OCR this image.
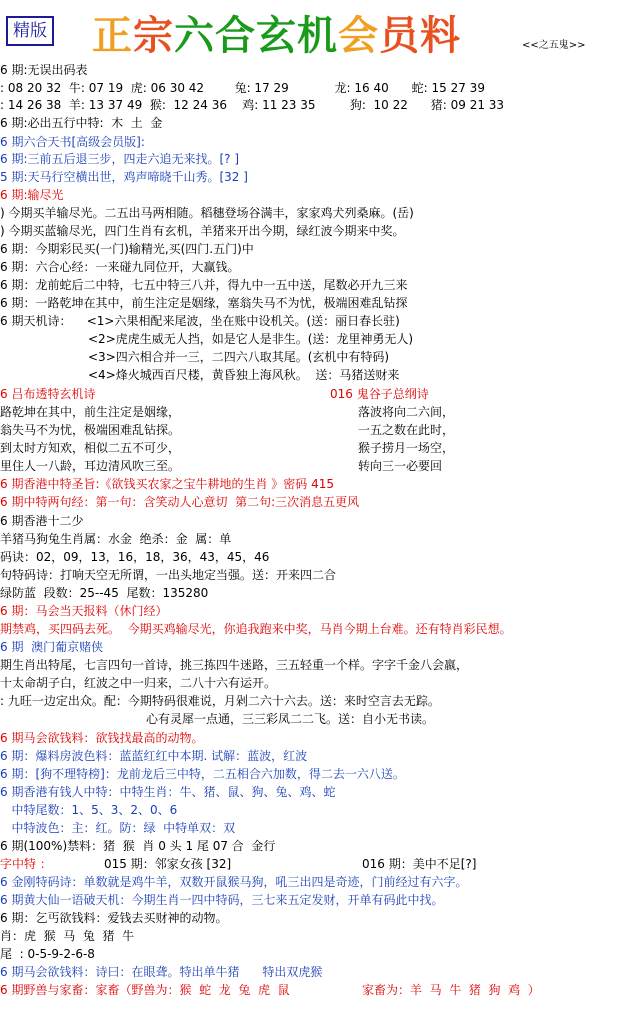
精版 正宗六合玄机会员料	<<之五鬼>>
6 期:无误出码表
: 08 20 32  牛: 07 19  虎: 06 30 42        兔: 17 29            龙: 16 40      蛇: 15 27 39
: 14 26 38  羊: 13 37 49  猴:  12 24 36    鸡: 11 23 35         狗:  10 22      猪: 09 21 33
6 期:必出五行中特:  木  土  金
6 期六合天书[高级会员版]:
6 期:三前五后退三步，四走六追无来找。[? ]
5 期:天马行空横出世，鸡声啼晓千山秀。[32 ]
6 期:输尽光
) 今期买羊输尽光。二五出马两相随。稻穗登场谷满丰，家家鸡犬列桑麻。(岳)
) 今期买蓝输尽光，四门生肖有玄机，羊猪来开出今期，绿红波今期来中奖。
6 期：今期彩民买(一门)输精光,买(四门.五门)中
6 期：六合心经：一来碰九同位开，大赢钱。
6 期：龙前蛇后二中特，七五中特三八并，得九中一五中送，尾数必开九三来
6 期：一路乾坤在其中，前生注定是姻缘，塞翁失马不为忧，极端困难乱钻探
6 期天机诗：    <1>六果相配来尾波，坐在账中设机关。(送：丽日春长驻)
<2>虎虎生威无人挡，如是它人是非生。(送：龙里神勇无人)
<3>四六相合并一三，二四六八取其尾。(玄机中有特码)
<4>烽火城西百尺楼，黄昏独上海风秋。  送：马猪送财来
6 吕布透特玄机诗	016 鬼谷子总纲诗
路乾坤在其中，前生注定是姻缘，	落波将向二六间，
翁失马不为忧，极端困难乱钻探。	一五之数在此时，
到太时方知欢，相似二五不可少，	猴子捞月一场空，
里住人一八龄，耳边清风吹三至。	转向三一必要回
6 期香港中特圣旨:《欲钱买农家之宝牛耕地的生肖 》密码 415
6 期中特两句经：第一句：含笑动人心意切  第二句:三次消息五更风
6 期香港十二少
羊猪马狗兔生肖属：水金  绝杀：金  属：单
码诀：02，09，13，16，18，36，43，45，46
句特码诗：打响天空无所谓，一出头地定当强。送：开来四二合
绿防蓝  段数：25--45  尾数：135280
6 期：马会当天报料（休门经）
期禁鸡，买四码去死。  今期买鸡输尽光，你追我跑来中奖，马肖今期上台难。还有特肖彩民想。
6 期  澳门葡京赌侠
期生肖出特尾，七言四句一首诗，挑三拣四牛迷路，三五轻重一个样。字字千金八会嬴，
十太命胡子白，红波之中一归来，二八十六有运开。
: 九旺一边定出众。配：今期特码很难说，月剁二六十六去。送：来时空言去无踪。
心有灵犀一点通，三三彩凤二二飞。送：自小无书读。
6 期马会欲钱料：欲钱找最高的动物。
6 期：爆料房波色料：蓝蓝红红中本期. 试解：蓝波，红波
6 期：[狗不理特榜]：龙前龙后三中特，二五相合六加数，得二去一六八送。
6 期香港有钱人中特：中特生肖：牛、猪、鼠、狗、兔、鸡、蛇
中特尾数：1、5、3、2、0、6
中特波色：主：红。防：绿  中特单双：双
6 期(100%)禁料：猪  猴  肖 0 头 1 尾 07 合  金行
字中特 ：	015 期：邻家女孩 [32]	016 期：美中不足[?]
6 金刚特码诗：单数就是鸡牛羊，双数开鼠猴马狗，吼三出四是奇迹，门前经过有六字。
6 期黄大仙一语破天机：今期生肖一四中特码，三七来五定发财，开单有码此中找。
6 期：乞丐欲钱料：爱钱去买财神的动物。
肖：虎  猴  马  兔  猪  牛
尾  : 0-5-9-2-6-8
6 期马会欲钱料：诗曰：在眼聋。特出单牛猪      特出双虎猴
6 期野兽与家畜：家畜（野兽为：猴  蛇  龙  兔  虎  鼠	家畜为：羊  马  牛  猪  狗  鸡  ）
